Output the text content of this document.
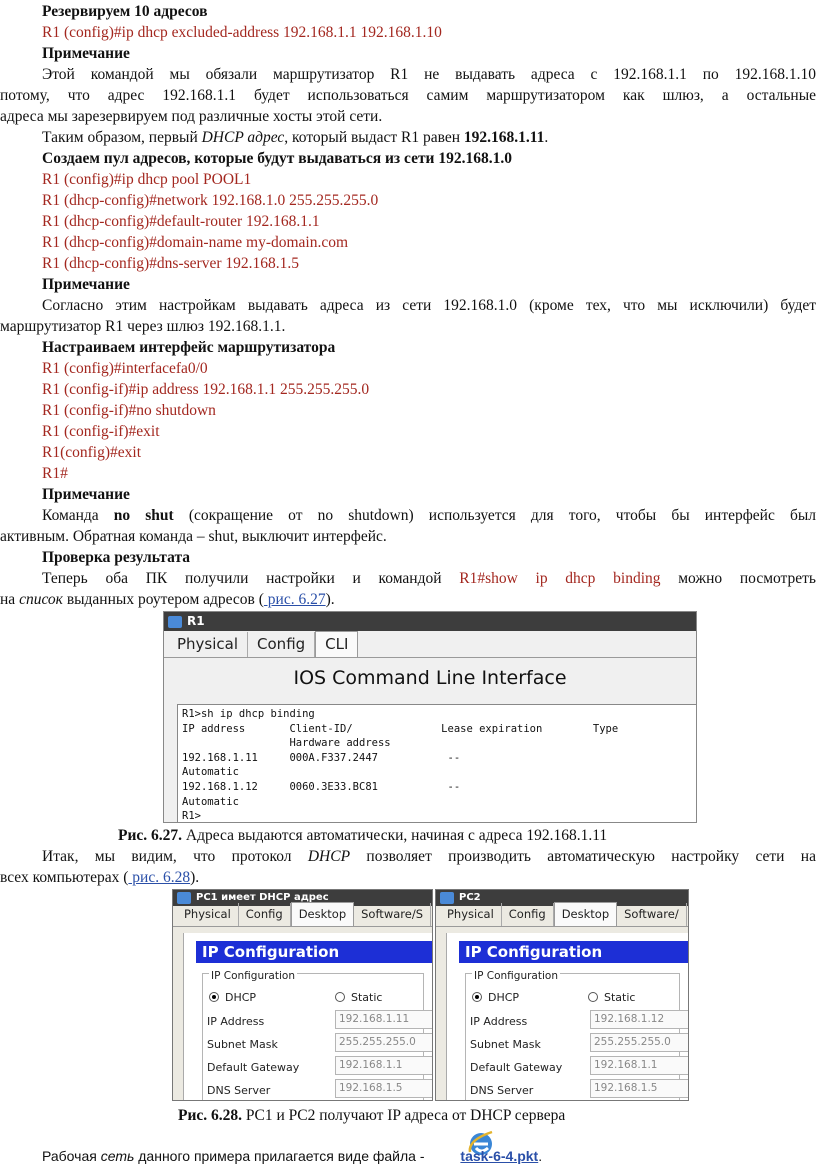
Резервируем 10 адресов
R1 (config)#ip dhcp excluded-address 192.168.1.1 192.168.1.10
Примечание
Этой командой мы обязали маршрутизатор R1 не выдавать адреса с 192.168.1.1 по 192.168.1.10
потому, что адрес 192.168.1.1 будет использоваться самим маршрутизатором как шлюз, а остальные
адреса мы зарезервируем под различные хосты этой сети.
Таким образом, первый DHCP адрес, который выдаст R1 равен 192.168.1.11.
Создаем пул адресов, которые будут выдаваться из сети 192.168.1.0
R1 (config)#ip dhcp pool POOL1
R1 (dhcp-config)#network 192.168.1.0 255.255.255.0
R1 (dhcp-config)#default-router 192.168.1.1
R1 (dhcp-config)#domain-name my-domain.com
R1 (dhcp-config)#dns-server 192.168.1.5
Примечание
Согласно этим настройкам выдавать адреса из сети 192.168.1.0 (кроме тех, что мы исключили) будет
маршрутизатор R1 через шлюз 192.168.1.1.
Настраиваем интерфейс маршрутизатора
R1 (config)#interfacefa0/0
R1 (config-if)#ip address 192.168.1.1 255.255.255.0
R1 (config-if)#no shutdown
R1 (config-if)#exit
R1(config)#exit
R1#
Примечание
Команда no shut (сокращение от no shutdown) используется для того, чтобы бы интерфейс был
активным. Обратная команда – shut, выключит интерфейс.
Проверка результата
Теперь оба ПК получили настройки и командой R1#show ip dhcp binding можно посмотреть
на список выданных роутером адресов ( рис. 6.27).
R1
Physical	Config	CLI
IOS Command Line Interface
R1>sh ip dhcp binding
IP address       Client-ID/              Lease expiration        Type
Hardware address
192.168.1.11     000A.F337.2447           --
Automatic
192.168.1.12     0060.3E33.BC81           --
Automatic
R1>
Рис. 6.27. Адреса выдаются автоматически, начиная с адреса 192.168.1.11
Итак, мы видим, что протокол DHCP позволяет производить автоматическую настройку сети на
всех компьютерах ( рис. 6.28).
PC1 имеет DHCP адрес
Physical	Config	Desktop	Software/S
IP Configuration
IP Configuration
DHCP	Static
IP Address	192.168.1.11
Subnet Mask	255.255.255.0
Default Gateway	192.168.1.1
DNS Server	192.168.1.5
PC2
Physical	Config	Desktop	Software/
IP Configuration
IP Configuration
DHCP	Static
IP Address	192.168.1.12
Subnet Mask	255.255.255.0
Default Gateway	192.168.1.1
DNS Server	192.168.1.5
Рис. 6.28. PC1 и PC2 получают IP адреса от DHCP сервера
Рабочая сеть данного примера прилагается виде файла - task-6-4.pkt.
